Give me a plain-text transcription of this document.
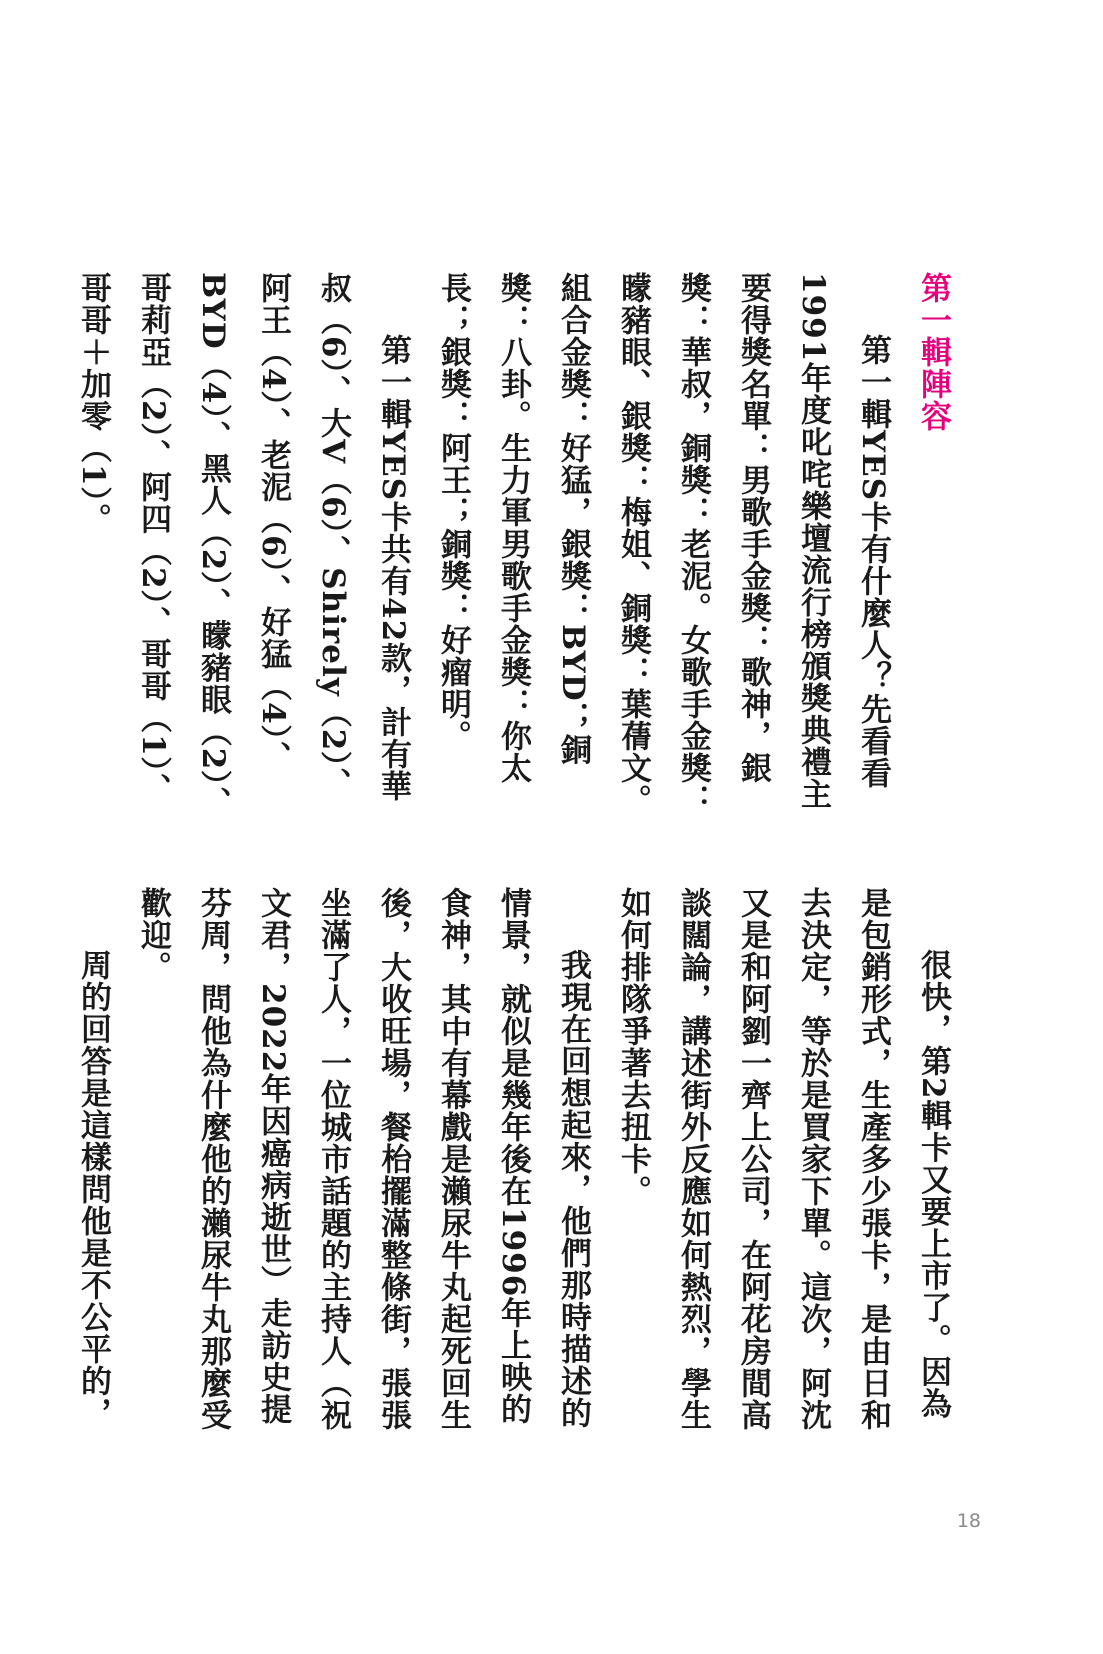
第一輯陣容

第一輯YES卡有什麼人？先看看1991年度叱咤樂壇流行榜頒獎典禮主要得獎名單：男歌手金獎：歌神，銀獎：華叔，銅獎：老泥。女歌手金獎：矇豬眼、銀獎：梅姐、銅獎：葉蒨文。組合金獎：好猛，銀獎：BYD；銅獎：八卦。生力軍男歌手金獎：你太長；銀獎：阿王；銅獎：好瘤明。

第一輯YES卡共有42款，計有華叔（6）、大V（6）、Shirely（2）、阿王（4）、老泥（6）、好猛（4）、BYD（4）、黑人（2）、矇豬眼（2）、哥莉亞（2）、阿四（2）、哥哥（1）、哥哥＋加零（1）。

很快，第2輯卡又要上市了。因為是包銷形式，生產多少張卡，是由日和去決定，等於是買家下單。這次，阿沈又是和阿劉一齊上公司，在阿花房間高談闊論，講述街外反應如何熱烈，學生如何排隊爭著去扭卡。

我現在回想起來，他們那時描述的情景，就似是幾年後在1996年上映的食神，其中有幕戲是瀨尿牛丸起死回生後，大收旺場，餐枱擺滿整條街，張張坐滿了人，一位城市話題的主持人（祝文君，2022年因癌病逝世）走訪史提芬周，問他為什麼他的瀨尿牛丸那麼受歡迎。

周的回答是這樣問他是不公平的，

18
